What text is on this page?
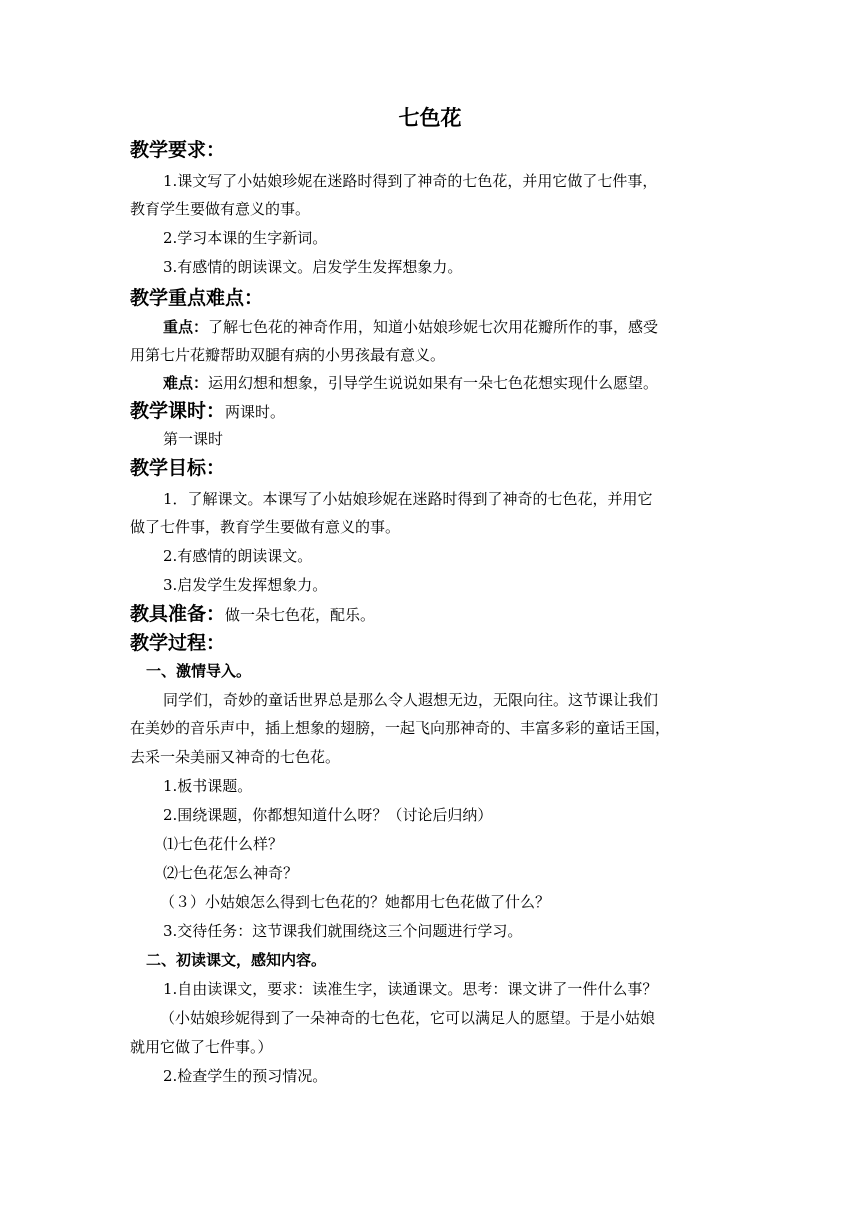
七色花
教学要求：
1.课文写了小姑娘珍妮在迷路时得到了神奇的七色花，并用它做了七件事，
教育学生要做有意义的事。
2.学习本课的生字新词。
3.有感情的朗读课文。启发学生发挥想象力。
教学重点难点：
重点：了解七色花的神奇作用，知道小姑娘珍妮七次用花瓣所作的事，感受
用第七片花瓣帮助双腿有病的小男孩最有意义。
难点：运用幻想和想象，引导学生说说如果有一朵七色花想实现什么愿望。
教学课时：两课时。
第一课时
教学目标：
1．了解课文。本课写了小姑娘珍妮在迷路时得到了神奇的七色花，并用它
做了七件事，教育学生要做有意义的事。
2.有感情的朗读课文。
3.启发学生发挥想象力。
教具准备：做一朵七色花，配乐。
教学过程：
一、激情导入。
同学们，奇妙的童话世界总是那么令人遐想无边，无限向往。这节课让我们
在美妙的音乐声中，插上想象的翅膀，一起飞向那神奇的、丰富多彩的童话王国，
去采一朵美丽又神奇的七色花。
1.板书课题。
2.围绕课题，你都想知道什么呀？（讨论后归纳）
⑴七色花什么样？
⑵七色花怎么神奇？
（３）小姑娘怎么得到七色花的？她都用七色花做了什么？
3.交待任务：这节课我们就围绕这三个问题进行学习。
二、初读课文，感知内容。
1.自由读课文，要求：读准生字，读通课文。思考：课文讲了一件什么事？
（小姑娘珍妮得到了一朵神奇的七色花，它可以满足人的愿望。于是小姑娘
就用它做了七件事。）
2.检查学生的预习情况。
